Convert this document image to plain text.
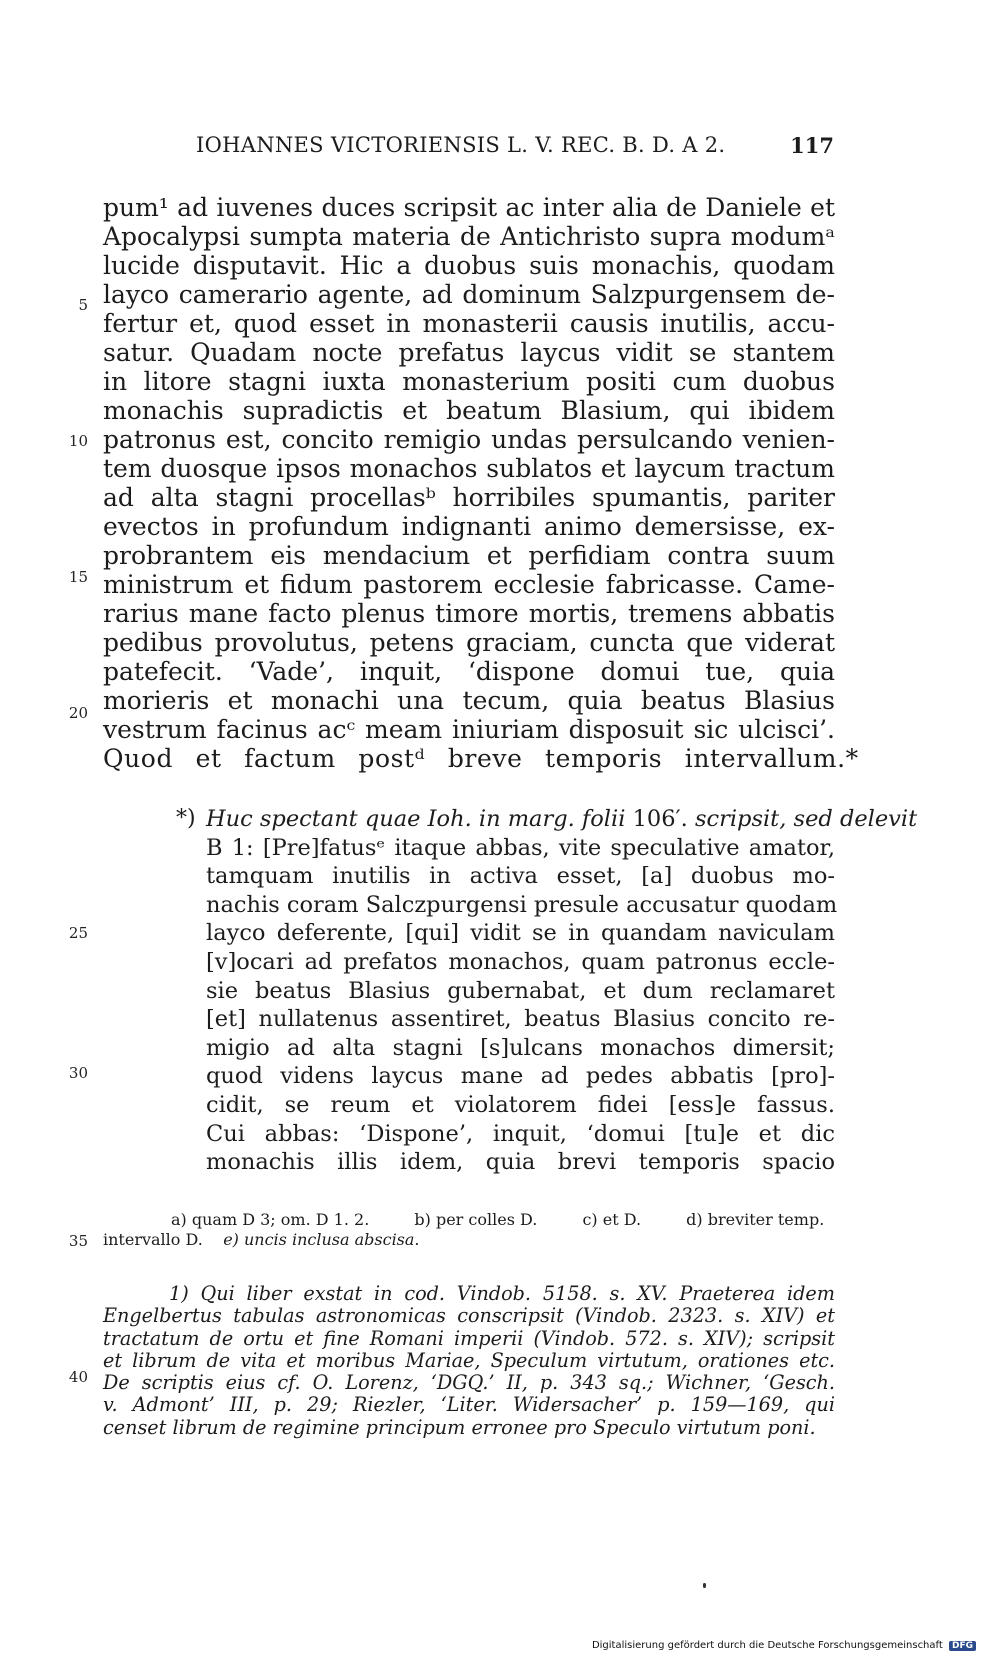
IOHANNES VICTORIENSIS L. V. REC. B. D. A 2.	117
5
10
15
20
25
30
35
40
pum¹ ad iuvenes duces scripsit ac inter alia de Daniele et
Apocalypsi sumpta materia de Antichristo supra modumᵃ
lucide disputavit. Hic a duobus suis monachis, quodam
layco camerario agente, ad dominum Salzpurgensem de-
fertur et, quod esset in monasterii causis inutilis, accu-
satur. Quadam nocte prefatus laycus vidit se stantem
in litore stagni iuxta monasterium positi cum duobus
monachis supradictis et beatum Blasium, qui ibidem
patronus est, concito remigio undas persulcando venien-
tem duosque ipsos monachos sublatos et laycum tractum
ad alta stagni procellasᵇ horribiles spumantis, pariter
evectos in profundum indignanti animo demersisse, ex-
probrantem eis mendacium et perfidiam contra suum
ministrum et fidum pastorem ecclesie fabricasse. Came-
rarius mane facto plenus timore mortis, tremens abbatis
pedibus provolutus, petens graciam, cuncta que viderat
patefecit. ‘Vade’, inquit, ‘dispone domui tue, quia
morieris et monachi una tecum, quia beatus Blasius
vestrum facinus acᶜ meam iniuriam disposuit sic ulcisci’.
Quod et factum postᵈ breve temporis intervallum.*
*) Huc spectant quae Ioh. in marg. folii 106′. scripsit, sed delevit
B 1: [Pre]fatusᵉ itaque abbas, vite speculative amator,
tamquam inutilis in activa esset, [a] duobus mo-
nachis coram Salczpurgensi presule accusatur quodam
layco deferente, [qui] vidit se in quandam naviculam
[v]ocari ad prefatos monachos, quam patronus eccle-
sie beatus Blasius gubernabat, et dum reclamaret
[et] nullatenus assentiret, beatus Blasius concito re-
migio ad alta stagni [s]ulcans monachos dimersit;
quod videns laycus mane ad pedes abbatis [pro]-
cidit, se reum et violatorem fidei [ess]e fassus.
Cui abbas: ‘Dispone’, inquit, ‘domui [tu]e et dic
monachis illis idem, quia brevi temporis spacio
a) quam D 3; om. D 1. 2.	b) per colles D.	c) et D.	d) breviter temp.
intervallo D. e) uncis inclusa abscisa.
1) Qui liber exstat in cod. Vindob. 5158. s. XV. Praeterea idem
Engelbertus tabulas astronomicas conscripsit (Vindob. 2323. s. XIV) et
tractatum de ortu et fine Romani imperii (Vindob. 572. s. XIV); scripsit
et librum de vita et moribus Mariae, Speculum virtutum, orationes etc.
De scriptis eius cf. O. Lorenz, ‘DGQ.’ II, p. 343 sq.; Wichner, ‘Gesch.
v. Admont’ III, p. 29; Riezler, ‘Liter. Widersacher’ p. 159—169, qui
censet librum de regimine principum erronee pro Speculo virtutum poni.
Digitalisierung gefördert durch die Deutsche Forschungsgemeinschaft DFG
